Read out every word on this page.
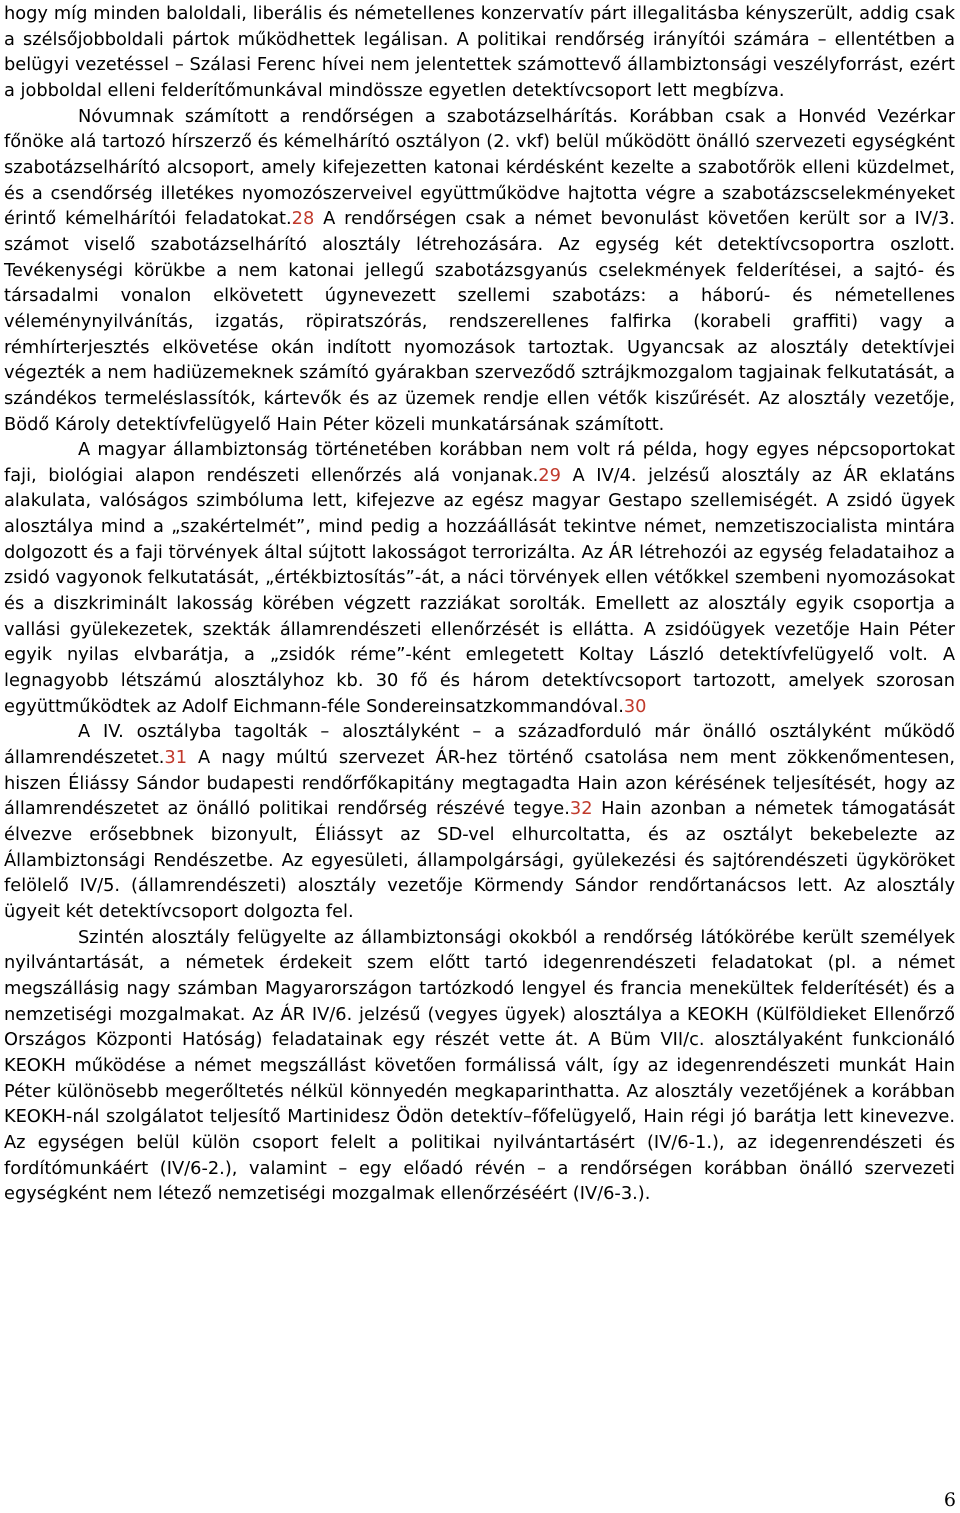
hogy míg minden baloldali, liberális és németellenes konzervatív párt illegalitásba kényszerült, addig csak a szélsőjobboldali pártok működhettek legálisan. A politikai rendőrség irányítói számára – ellentétben a belügyi vezetéssel – Szálasi Ferenc hívei nem jelentettek számottevő állambiztonsági veszélyforrást, ezért a jobboldal elleni felderítőmunkával mindössze egyetlen detektívcsoport lett megbízva.

Nóvumnak számított a rendőrségen a szabotázselhárítás. Korábban csak a Honvéd Vezérkar főnöke alá tartozó hírszerző és kémelhárító osztályon (2. vkf) belül működött önálló szervezeti egységként szabotázselhárító alcsoport, amely kifejezetten katonai kérdésként kezelte a szabotőrök elleni küzdelmet, és a csendőrség illetékes nyomozószerveivel együttműködve hajtotta végre a szabotázscselekményeket érintő kémelhárítói feladatokat.28 A rendőrségen csak a német bevonulást követően került sor a IV/3. számot viselő szabotázselhárító alosztály létrehozására. Az egység két detektívcsoportra oszlott. Tevékenységi körükbe a nem katonai jellegű szabotázsgyanús cselekmények felderítései, a sajtó- és társadalmi vonalon elkövetett úgynevezett szellemi szabotázs: a háború- és németellenes véleménynyilvánítás, izgatás, röpiratszórás, rendszerellenes falfirka (korabeli graffiti) vagy a rémhírterjesztés elkövetése okán indított nyomozások tartoztak. Ugyancsak az alosztály detektívjei végezték a nem hadiüzemeknek számító gyárakban szerveződő sztrájkmozgalom tagjainak felkutatását, a szándékos termeléslassítók, kártevők és az üzemek rendje ellen vétők kiszűrését. Az alosztály vezetője, Bödő Károly detektívfelügyelő Hain Péter közeli munkatársának számított.

A magyar állambiztonság történetében korábban nem volt rá példa, hogy egyes népcsoportokat faji, biológiai alapon rendészeti ellenőrzés alá vonjanak.29 A IV/4. jelzésű alosztály az ÁR eklatáns alakulata, valóságos szimbóluma lett, kifejezve az egész magyar Gestapo szellemiségét. A zsidó ügyek alosztálya mind a „szakértelmét”, mind pedig a hozzáállását tekintve német, nemzetiszocialista mintára dolgozott és a faji törvények által sújtott lakosságot terrorizálta. Az ÁR létrehozói az egység feladataihoz a zsidó vagyonok felkutatását, „értékbiztosítás”-át, a náci törvények ellen vétőkkel szembeni nyomozásokat és a diszkriminált lakosság körében végzett razziákat sorolták. Emellett az alosztály egyik csoportja a vallási gyülekezetek, szekták államrendészeti ellenőrzését is ellátta. A zsidóügyek vezetője Hain Péter egyik nyilas elvbarátja, a „zsidók réme”-ként emlegetett Koltay László detektívfelügyelő volt. A legnagyobb létszámú alosztályhoz kb. 30 fő és három detektívcsoport tartozott, amelyek szorosan együttműködtek az Adolf Eichmann-féle Sondereinsatzkommandóval.30

A IV. osztályba tagolták – alosztályként – a századforduló már önálló osztályként működő államrendészetet.31 A nagy múltú szervezet ÁR-hez történő csatolása nem ment zökkenőmentesen, hiszen Éliássy Sándor budapesti rendőrfőkapitány megtagadta Hain azon kérésének teljesítését, hogy az államrendészetet az önálló politikai rendőrség részévé tegye.32 Hain azonban a németek támogatását élvezve erősebbnek bizonyult, Éliássyt az SD-vel elhurcoltatta, és az osztályt bekebelezte az Állambiztonsági Rendészetbe. Az egyesületi, állampolgársági, gyülekezési és sajtórendészeti ügyköröket felölelő IV/5. (államrendészeti) alosztály vezetője Körmendy Sándor rendőrtanácsos lett. Az alosztály ügyeit két detektívcsoport dolgozta fel.

Szintén alosztály felügyelte az állambiztonsági okokból a rendőrség látókörébe került személyek nyilvántartását, a németek érdekeit szem előtt tartó idegenrendészeti feladatokat (pl. a német megszállásig nagy számban Magyarországon tartózkodó lengyel és francia menekültek felderítését) és a nemzetiségi mozgalmakat. Az ÁR IV/6. jelzésű (vegyes ügyek) alosztálya a KEOKH (Külföldieket Ellenőrző Országos Központi Hatóság) feladatainak egy részét vette át. A Büm VII/c. alosztályaként funkcionáló KEOKH működése a német megszállást követően formálissá vált, így az idegenrendészeti munkát Hain Péter különösebb megerőltetés nélkül könnyedén megkaparinthatta. Az alosztály vezetőjének a korábban KEOKH-nál szolgálatot teljesítő Martinidesz Ödön detektív–főfelügyelő, Hain régi jó barátja lett kinevezve. Az egységen belül külön csoport felelt a politikai nyilvántartásért (IV/6-1.), az idegenrendészeti és fordítómunkáért (IV/6-2.), valamint – egy előadó révén – a rendőrségen korábban önálló szervezeti egységként nem létező nemzetiségi mozgalmak ellenőrzéséért (IV/6-3.).

6
